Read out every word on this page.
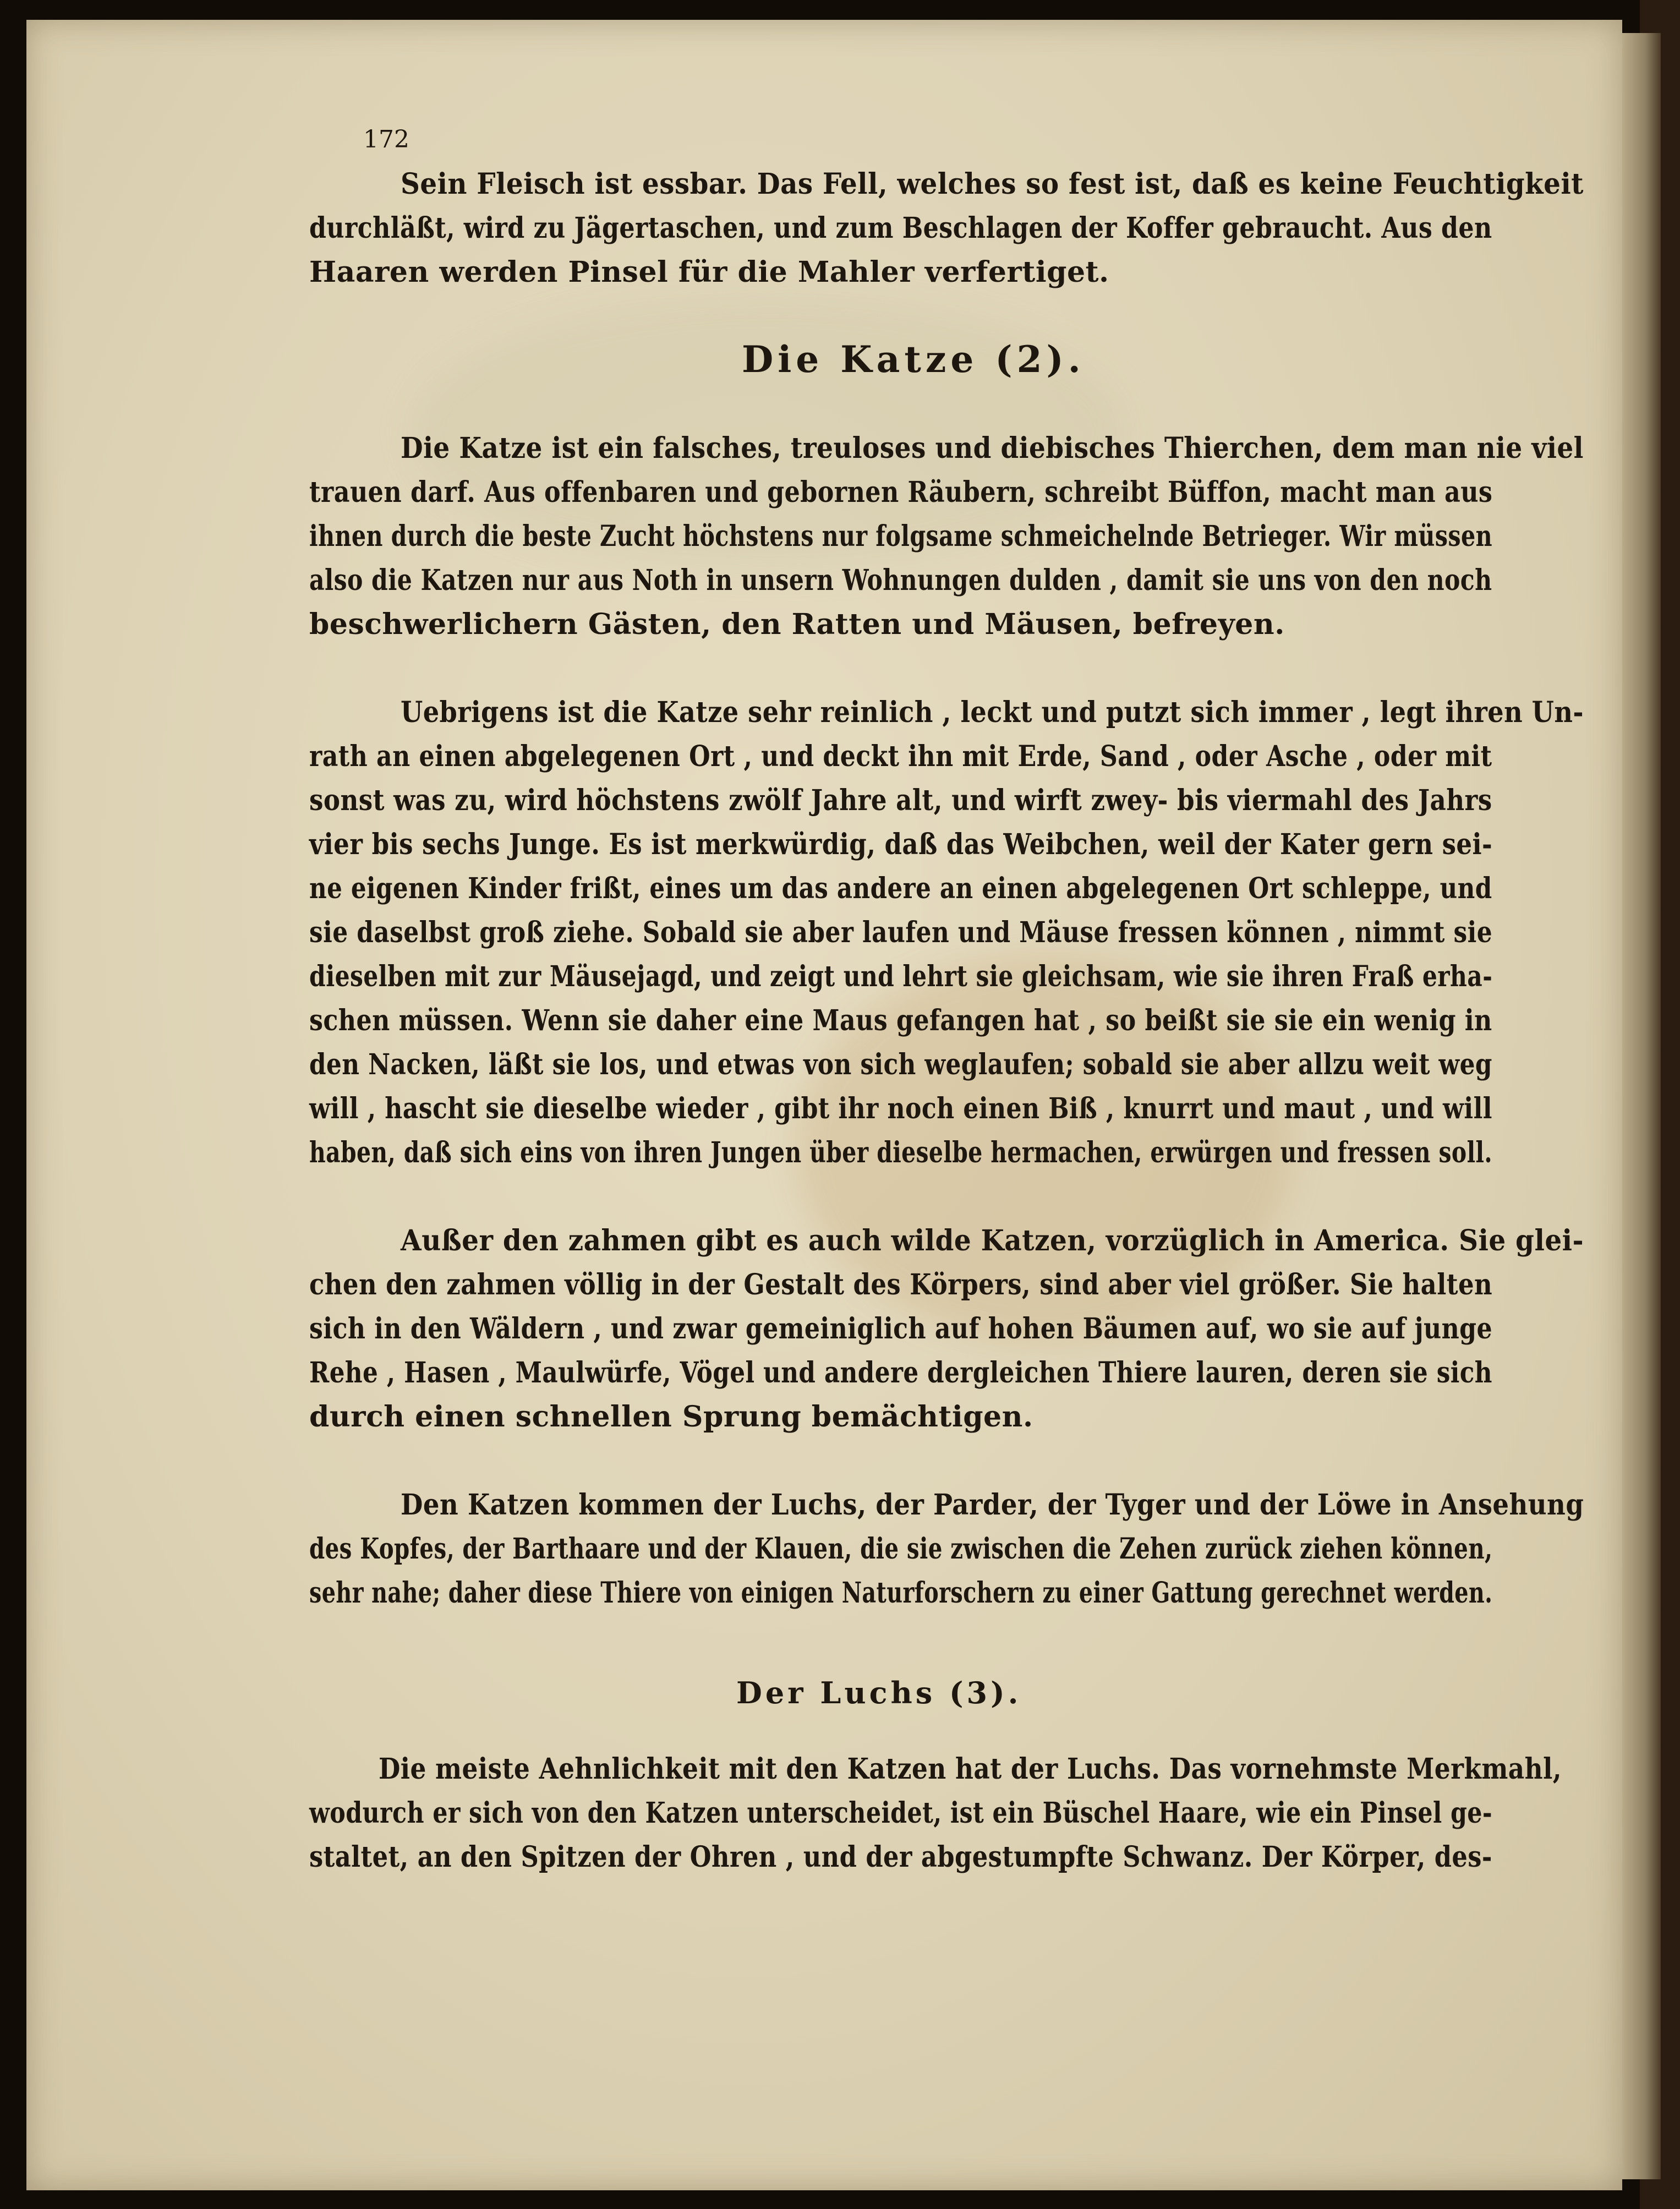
172

Sein Fleisch ist essbar. Das Fell, welches so fest ist, daß es keine Feuchtigkeit

durchläßt, wird zu Jägertaschen, und zum Beschlagen der Koffer gebraucht. Aus den

Haaren werden Pinsel für die Mahler verfertiget.

Die Katze (2).

Die Katze ist ein falsches, treuloses und diebisches Thierchen, dem man nie viel

trauen darf. Aus offenbaren und gebornen Räubern, schreibt Büffon, macht man aus

ihnen durch die beste Zucht höchstens nur folgsame schmeichelnde Betrieger. Wir müssen

also die Katzen nur aus Noth in unsern Wohnungen dulden , damit sie uns von den noch

beschwerlichern Gästen, den Ratten und Mäusen, befreyen.

Uebrigens ist die Katze sehr reinlich , leckt und putzt sich immer , legt ihren Un-

rath an einen abgelegenen Ort , und deckt ihn mit Erde, Sand , oder Asche , oder mit

sonst was zu, wird höchstens zwölf Jahre alt, und wirft zwey- bis viermahl des Jahrs

vier bis sechs Junge. Es ist merkwürdig, daß das Weibchen, weil der Kater gern sei-

ne eigenen Kinder frißt, eines um das andere an einen abgelegenen Ort schleppe, und

sie daselbst groß ziehe. Sobald sie aber laufen und Mäuse fressen können , nimmt sie

dieselben mit zur Mäusejagd, und zeigt und lehrt sie gleichsam, wie sie ihren Fraß erha-

schen müssen. Wenn sie daher eine Maus gefangen hat , so beißt sie sie ein wenig in

den Nacken, läßt sie los, und etwas von sich weglaufen; sobald sie aber allzu weit weg

will , hascht sie dieselbe wieder , gibt ihr noch einen Biß , knurrt und maut , und will

haben, daß sich eins von ihren Jungen über dieselbe hermachen, erwürgen und fressen soll.

Außer den zahmen gibt es auch wilde Katzen, vorzüglich in America. Sie glei-

chen den zahmen völlig in der Gestalt des Körpers, sind aber viel größer. Sie halten

sich in den Wäldern , und zwar gemeiniglich auf hohen Bäumen auf, wo sie auf junge

Rehe , Hasen , Maulwürfe, Vögel und andere dergleichen Thiere lauren, deren sie sich

durch einen schnellen Sprung bemächtigen.

Den Katzen kommen der Luchs, der Parder, der Tyger und der Löwe in Ansehung

des Kopfes, der Barthaare und der Klauen, die sie zwischen die Zehen zurück ziehen können,

sehr nahe; daher diese Thiere von einigen Naturforschern zu einer Gattung gerechnet werden.

Der Luchs (3).

Die meiste Aehnlichkeit mit den Katzen hat der Luchs. Das vornehmste Merkmahl,

wodurch er sich von den Katzen unterscheidet, ist ein Büschel Haare, wie ein Pinsel ge-

staltet, an den Spitzen der Ohren , und der abgestumpfte Schwanz. Der Körper, des-
